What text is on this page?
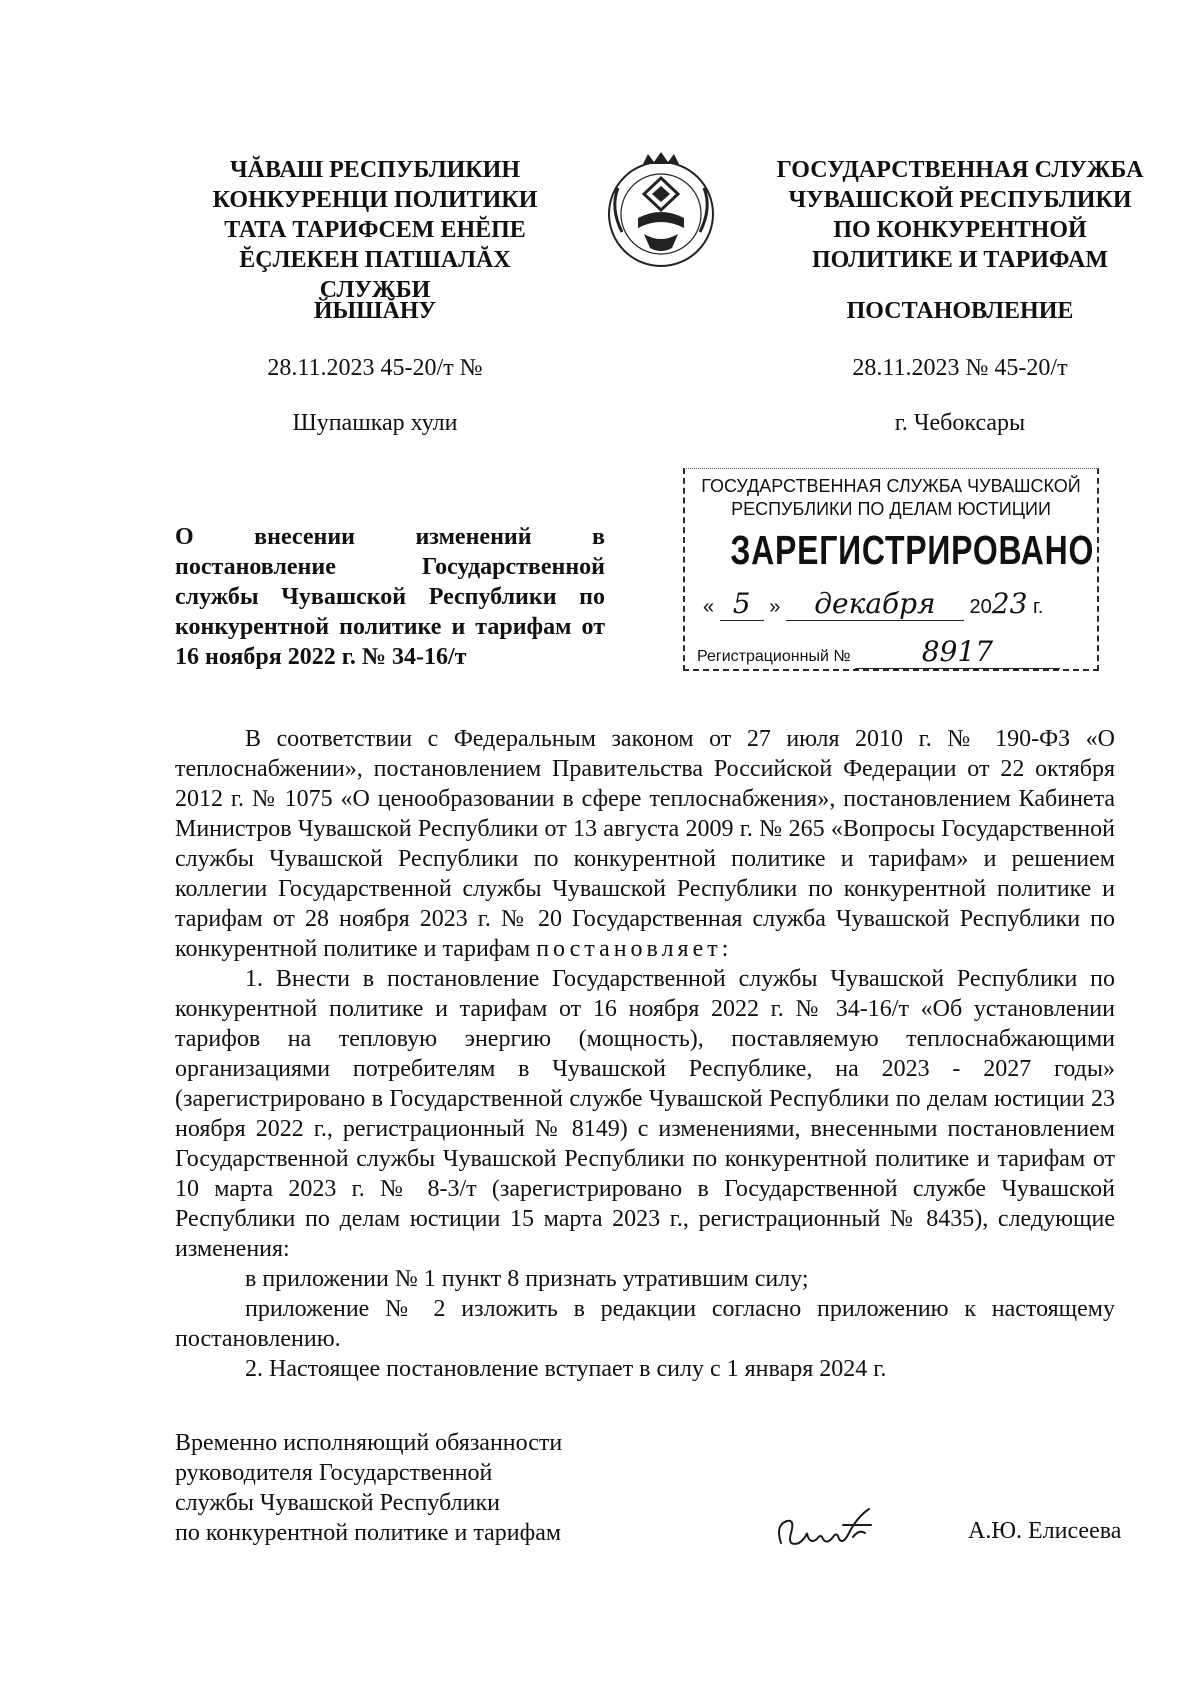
ЧĂВАШ РЕСПУБЛИКИН
КОНКУРЕНЦИ ПОЛИТИКИ
ТАТА ТАРИФСЕМ ЕНĔПЕ
ĔÇЛЕКЕН ПАТШАЛĂХ СЛУЖБИ
ГОСУДАРСТВЕННАЯ СЛУЖБА
ЧУВАШСКОЙ РЕСПУБЛИКИ
ПО КОНКУРЕНТНОЙ
ПОЛИТИКЕ И ТАРИФАМ
ЙЫШĂНУ	ПОСТАНОВЛЕНИЕ
28.11.2023 45-20/т №	28.11.2023 № 45-20/т
Шупашкар хули	г. Чебоксары
ГОСУДАРСТВЕННАЯ СЛУЖБА ЧУВАШСКОЙ
РЕСПУБЛИКИ ПО ДЕЛАМ ЮСТИЦИИ
ЗАРЕГИСТРИРОВАНО
« 5 » декабря 2023 г.
Регистрационный №	8917
О внесении изменений в постановление Государственной службы Чувашской Республики по конкурентной политике и тарифам от 16 ноября 2022 г. № 34-16/т

В соответствии с Федеральным законом от 27 июля 2010 г. № 190-ФЗ «О теплоснабжении», постановлением Правительства Российской Федерации от 22 октября 2012 г. № 1075 «О ценообразовании в сфере теплоснабжения», постановлением Кабинета Министров Чувашской Республики от 13 августа 2009 г. № 265 «Вопросы Государственной службы Чувашской Республики по конкурентной политике и тарифам» и решением коллегии Государственной службы Чувашской Республики по конкурентной политике и тарифам от 28 ноября 2023 г. № 20 Государственная служба Чувашской Республики по конкурентной политике и тарифам постановляет:

1. Внести в постановление Государственной службы Чувашской Республики по конкурентной политике и тарифам от 16 ноября 2022 г. № 34-16/т «Об установлении тарифов на тепловую энергию (мощность), поставляемую теплоснабжающими организациями потребителям в Чувашской Республике, на 2023 - 2027 годы» (зарегистрировано в Государственной службе Чувашской Республики по делам юстиции 23 ноября 2022 г., регистрационный № 8149) с изменениями, внесенными постановлением Государственной службы Чувашской Республики по конкурентной политике и тарифам от 10 марта 2023 г. № 8-3/т (зарегистрировано в Государственной службе Чувашской Республики по делам юстиции 15 марта 2023 г., регистрационный № 8435), следующие изменения:

в приложении № 1 пункт 8 признать утратившим силу;

приложение № 2 изложить в редакции согласно приложению к настоящему постановлению.

2. Настоящее постановление вступает в силу с 1 января 2024 г.

Временно исполняющий обязанности
руководителя Государственной
службы Чувашской Республики
по конкурентной политике и тарифам	А.Ю. Елисеева
